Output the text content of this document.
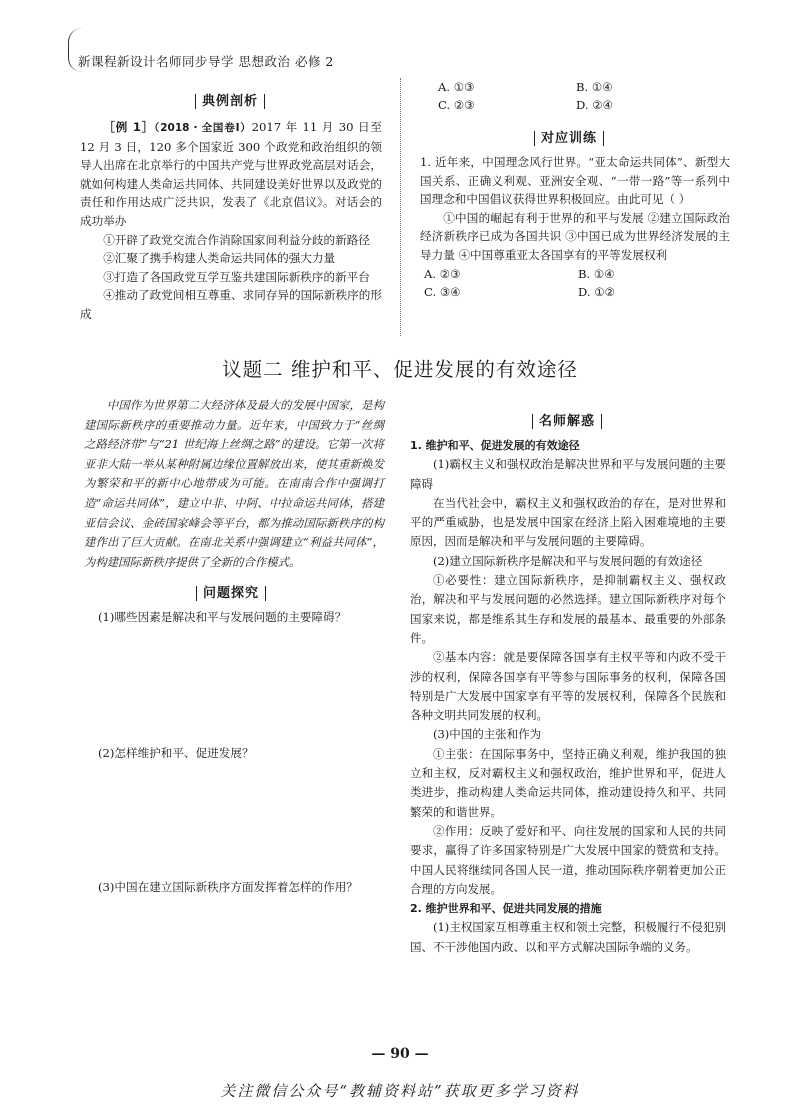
新课程新设计名师同步导学 思想政治 必修 2
典例剖析

［例 1］（2018・全国卷Ⅰ）2017 年 11 月 30 日至 12 月 3 日，120 多个国家近 300 个政党和政治组织的领导人出席在北京举行的中国共产党与世界政党高层对话会，就如何构建人类命运共同体、共同建设美好世界以及政党的责任和作用达成广泛共识，发表了《北京倡议》。对话会的成功举办

①开辟了政党交流合作消除国家间利益分歧的新路径

②汇聚了携手构建人类命运共同体的强大力量

③打造了各国政党互学互鉴共建国际新秩序的新平台

④推动了政党间相互尊重、求同存异的国际新秩序的形成

A. ①③	B. ①④
C. ②③	D. ②④
对应训练

1. 近年来，中国理念风行世界。“亚太命运共同体”、新型大国关系、正确义利观、亚洲安全观、“一带一路”等一系列中国理念和中国倡议获得世界积极回应。由此可见（ ）

①中国的崛起有利于世界的和平与发展 ②建立国际政治经济新秩序已成为各国共识 ③中国已成为世界经济发展的主导力量 ④中国尊重亚太各国享有的平等发展权利

A. ②③	B. ①④
C. ③④	D. ①②
议题二 维护和平、促进发展的有效途径

中国作为世界第二大经济体及最大的发展中国家，是构建国际新秩序的重要推动力量。近年来，中国致力于“丝绸之路经济带”与“21 世纪海上丝绸之路”的建设。它第一次将亚非大陆一举从某种附属边缘位置解放出来，使其重新焕发为繁荣和平的新中心地带成为可能。在南南合作中强调打造“命运共同体”，建立中非、中阿、中拉命运共同体，搭建亚信会议、金砖国家峰会等平台，都为推动国际新秩序的构建作出了巨大贡献。在南北关系中强调建立“利益共同体”，为构建国际新秩序提供了全新的合作模式。

问题探究
(1)哪些因素是解决和平与发展问题的主要障碍？
(2)怎样维护和平、促进发展？
(3)中国在建立国际新秩序方面发挥着怎样的作用？
名师解惑

1. 维护和平、促进发展的有效途径

(1)霸权主义和强权政治是解决世界和平与发展问题的主要障碍

在当代社会中，霸权主义和强权政治的存在，是对世界和平的严重威胁，也是发展中国家在经济上陷入困难境地的主要原因，因而是解决和平与发展问题的主要障碍。

(2)建立国际新秩序是解决和平与发展问题的有效途径

①必要性：建立国际新秩序，是抑制霸权主义、强权政治，解决和平与发展问题的必然选择。建立国际新秩序对每个国家来说，都是维系其生存和发展的最基本、最重要的外部条件。

②基本内容：就是要保障各国享有主权平等和内政不受干涉的权利，保障各国享有平等参与国际事务的权利，保障各国特别是广大发展中国家享有平等的发展权利，保障各个民族和各种文明共同发展的权利。

(3)中国的主张和作为

①主张：在国际事务中，坚持正确义利观，维护我国的独立和主权，反对霸权主义和强权政治，维护世界和平，促进人类进步，推动构建人类命运共同体，推动建设持久和平、共同繁荣的和谐世界。

②作用：反映了爱好和平、向往发展的国家和人民的共同要求，赢得了许多国家特别是广大发展中国家的赞赏和支持。中国人民将继续同各国人民一道，推动国际秩序朝着更加公正合理的方向发展。

2. 维护世界和平、促进共同发展的措施

(1)主权国家互相尊重主权和领土完整，积极履行不侵犯别国、不干涉他国内政、以和平方式解决国际争端的义务。

— 90 —
关注微信公众号“教辅资料站”获取更多学习资料
